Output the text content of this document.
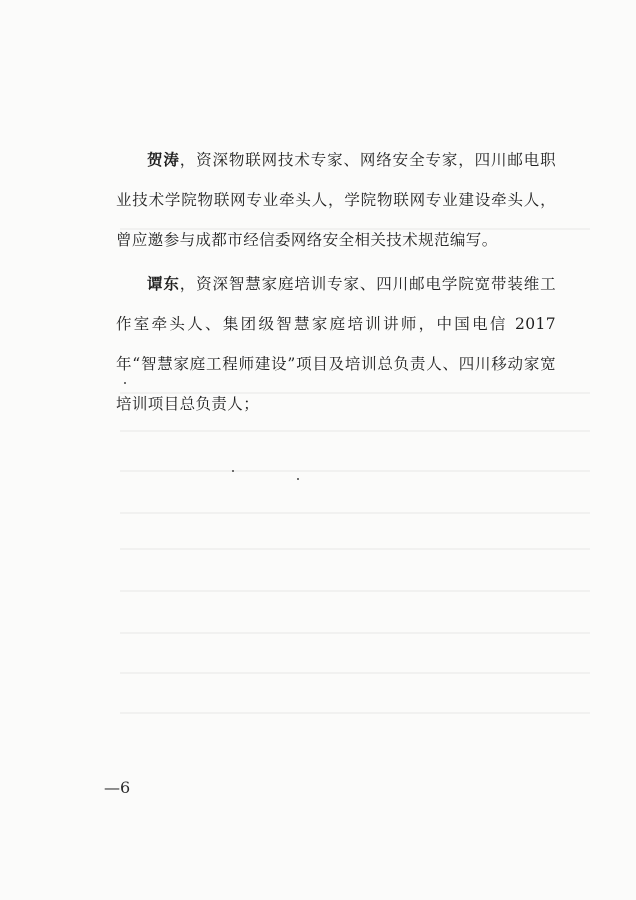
贺涛，资深物联网技术专家、网络安全专家，四川邮电职业技术学院物联网专业牵头人，学院物联网专业建设牵头人，曾应邀参与成都市经信委网络安全相关技术规范编写。

谭东，资深智慧家庭培训专家、四川邮电学院宽带装维工作室牵头人、集团级智慧家庭培训讲师，中国电信 2017 年“智慧家庭工程师建设”项目及培训总负责人、四川移动家宽培训项目总负责人；

—6
